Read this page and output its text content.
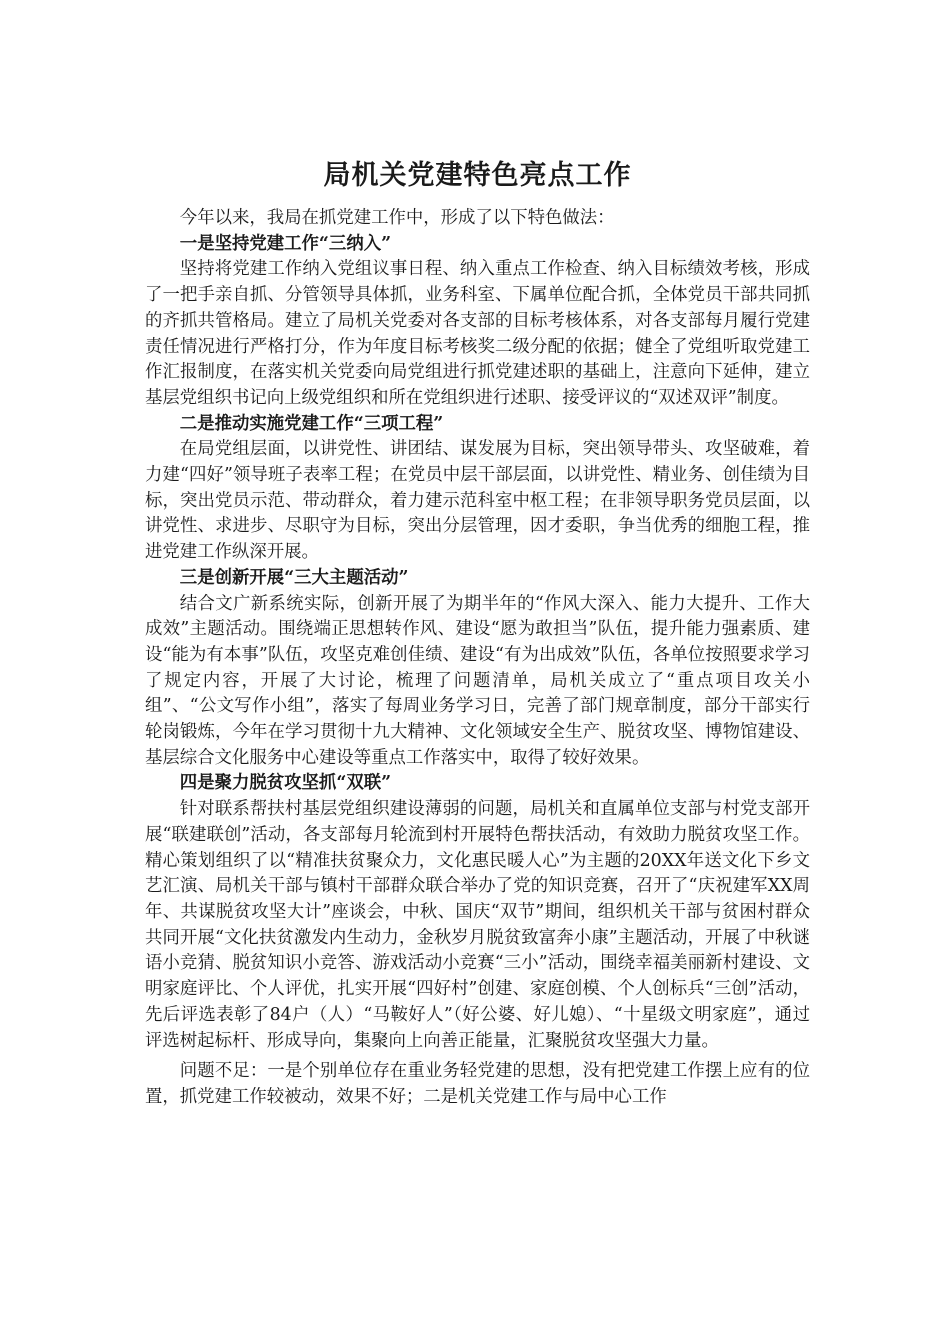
局机关党建特色亮点工作

今年以来，我局在抓党建工作中，形成了以下特色做法：

一是坚持党建工作“三纳入”

坚持将党建工作纳入党组议事日程、纳入重点工作检查、纳入目标绩效考核，形成了一把手亲自抓、分管领导具体抓，业务科室、下属单位配合抓，全体党员干部共同抓的齐抓共管格局。建立了局机关党委对各支部的目标考核体系，对各支部每月履行党建责任情况进行严格打分，作为年度目标考核奖二级分配的依据；健全了党组听取党建工作汇报制度，在落实机关党委向局党组进行抓党建述职的基础上，注意向下延伸，建立基层党组织书记向上级党组织和所在党组织进行述职、接受评议的“双述双评”制度。

二是推动实施党建工作“三项工程”

在局党组层面，以讲党性、讲团结、谋发展为目标，突出领导带头、攻坚破难，着力建“四好”领导班子表率工程；在党员中层干部层面，以讲党性、精业务、创佳绩为目标，突出党员示范、带动群众，着力建示范科室中枢工程；在非领导职务党员层面，以讲党性、求进步、尽职守为目标，突出分层管理，因才委职，争当优秀的细胞工程，推进党建工作纵深开展。

三是创新开展“三大主题活动”

结合文广新系统实际，创新开展了为期半年的“作风大深入、能力大提升、工作大成效”主题活动。围绕端正思想转作风、建设“愿为敢担当”队伍，提升能力强素质、建设“能为有本事”队伍，攻坚克难创佳绩、建设“有为出成效”队伍，各单位按照要求学习了规定内容，开展了大讨论，梳理了问题清单，局机关成立了“重点项目攻关小组”、“公文写作小组”，落实了每周业务学习日，完善了部门规章制度，部分干部实行轮岗锻炼，今年在学习贯彻十九大精神、文化领域安全生产、脱贫攻坚、博物馆建设、基层综合文化服务中心建设等重点工作落实中，取得了较好效果。

四是聚力脱贫攻坚抓“双联”

针对联系帮扶村基层党组织建设薄弱的问题，局机关和直属单位支部与村党支部开展“联建联创”活动，各支部每月轮流到村开展特色帮扶活动，有效助力脱贫攻坚工作。精心策划组织了以“精准扶贫聚众力，文化惠民暖人心”为主题的20XX年送文化下乡文艺汇演、局机关干部与镇村干部群众联合举办了党的知识竞赛，召开了“庆祝建军XX周年、共谋脱贫攻坚大计”座谈会，中秋、国庆“双节”期间，组织机关干部与贫困村群众共同开展“文化扶贫激发内生动力，金秋岁月脱贫致富奔小康”主题活动，开展了中秋谜语小竞猜、脱贫知识小竞答、游戏活动小竞赛“三小”活动，围绕幸福美丽新村建设、文明家庭评比、个人评优，扎实开展“四好村”创建、家庭创模、个人创标兵“三创”活动，先后评选表彰了84户（人）“马鞍好人”（好公婆、好儿媳）、“十星级文明家庭”，通过评选树起标杆、形成导向，集聚向上向善正能量，汇聚脱贫攻坚强大力量。

问题不足：一是个别单位存在重业务轻党建的思想，没有把党建工作摆上应有的位置，抓党建工作较被动，效果不好；二是机关党建工作与局中心工作
